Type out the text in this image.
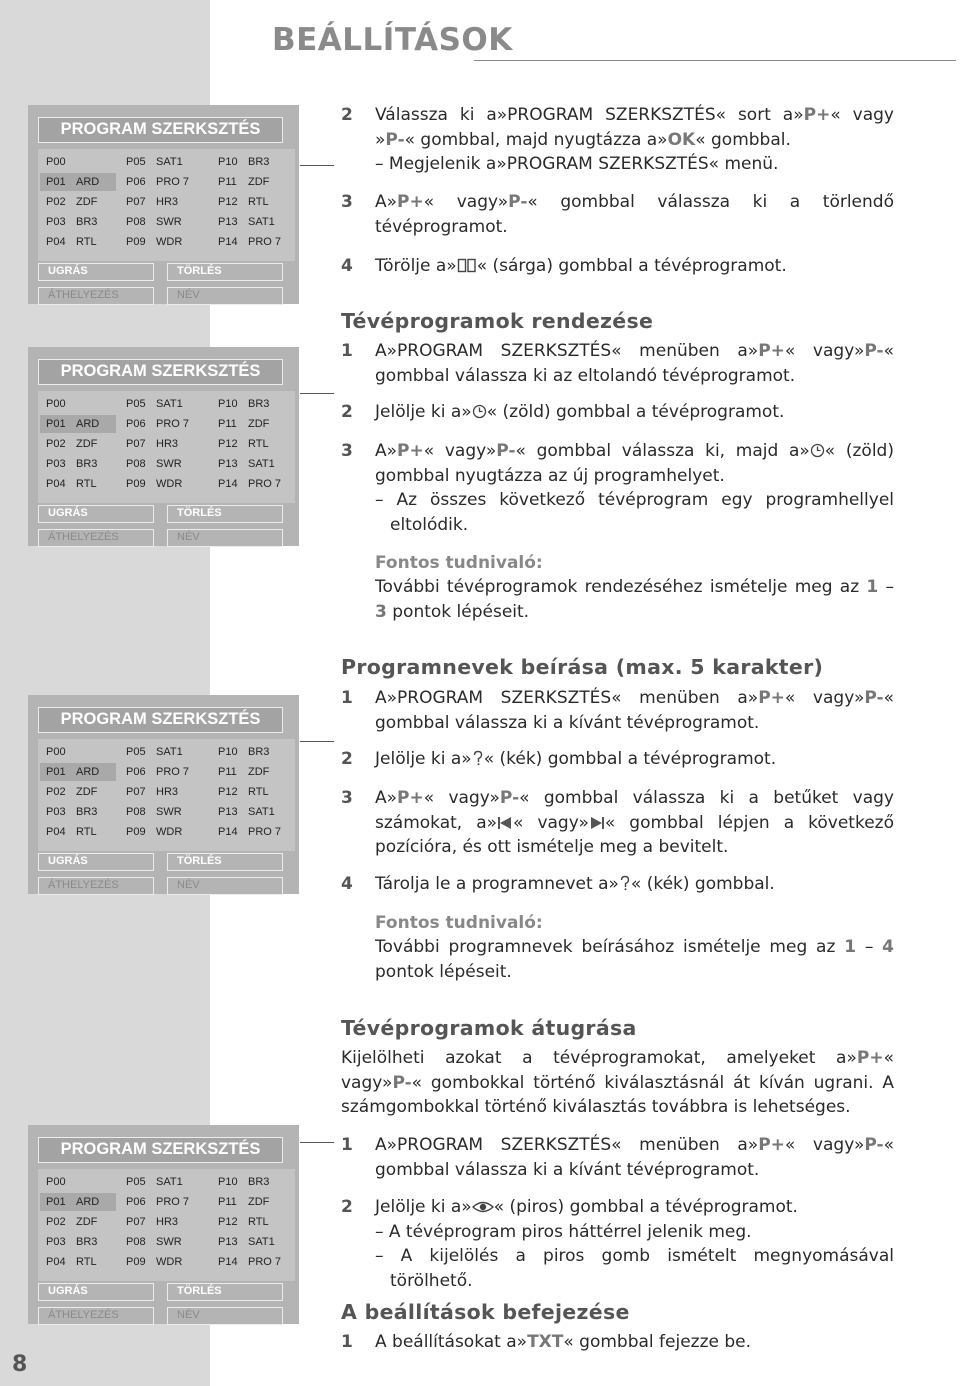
BEÁLLÍTÁSOK
PROGRAM SZERKSZTÉS
P00	P05 SAT1	P10 BR3
P01 ARD P06 PRO 7	P11 ZDF
P02 ZDF	P07 HR3	P12 RTL
P03 BR3	P08 SWR	P13 SAT1
P04 RTL	P09 WDR	P14 PRO 7
UGRÁS	TÖRLÉS
ÁTHELYEZÉS	NÉV
PROGRAM SZERKSZTÉS
P00	P05 SAT1	P10 BR3
P01 ARD P06 PRO 7	P11 ZDF
P02 ZDF	P07 HR3	P12 RTL
P03 BR3	P08 SWR	P13 SAT1
P04 RTL	P09 WDR	P14 PRO 7
UGRÁS	TÖRLÉS
ÁTHELYEZÉS	NÉV
PROGRAM SZERKSZTÉS
P00	P05 SAT1	P10 BR3
P01 ARD P06 PRO 7	P11 ZDF
P02 ZDF	P07 HR3	P12 RTL
P03 BR3	P08 SWR	P13 SAT1
P04 RTL	P09 WDR	P14 PRO 7
UGRÁS	TÖRLÉS
ÁTHELYEZÉS	NÉV
PROGRAM SZERKSZTÉS
P00	P05 SAT1	P10 BR3
P01 ARD P06 PRO 7	P11 ZDF
P02 ZDF	P07 HR3	P12 RTL
P03 BR3	P08 SWR	P13 SAT1
P04 RTL	P09 WDR	P14 PRO 7
UGRÁS	TÖRLÉS
ÁTHELYEZÉS	NÉV
8
2	Válassza ki a»PROGRAM SZERKSZTÉS« sort a»P+« vagy »P-« gombbal, majd nyugtázza a»OK« gombbal.
– Megjelenik a»PROGRAM SZERKSZTÉS« menü.
3	A»P+« vagy»P-« gombbal válassza ki a törlendő tévéprogramot.
4	Törölje a» « (sárga) gombbal a tévéprogramot.
Tévéprogramok rendezése
1	A»PROGRAM SZERKSZTÉS« menüben a»P+« vagy»P-« gombbal válassza ki az eltolandó tévéprogramot.
2	Jelölje ki a» « (zöld) gombbal a tévéprogramot.
3	A»P+« vagy»P-« gombbal válassza ki, majd a» « (zöld) gombbal nyugtázza az új programhelyet.
– Az összes következő tévéprogram egy programhellyel eltolódik.
Fontos tudnivaló:
További tévéprogramok rendezéséhez ismételje meg az 1 – 3 pontok lépéseit.
Programnevek beírása (max. 5 karakter)
1	A»PROGRAM SZERKSZTÉS« menüben a»P+« vagy»P-« gombbal válassza ki a kívánt tévéprogramot.
2	Jelölje ki a» « (kék) gombbal a tévéprogramot.
3	A»P+« vagy»P-« gombbal válassza ki a betűket vagy számokat, a» « vagy» « gombbal lépjen a következő pozícióra, és ott ismételje meg a bevitelt.
4	Tárolja le a programnevet a» « (kék) gombbal.
Fontos tudnivaló:
További programnevek beírásához ismételje meg az 1 – 4 pontok lépéseit.
Tévéprogramok átugrása
Kijelölheti azokat a tévéprogramokat, amelyeket a»P+« vagy»P-« gombokkal történő kiválasztásnál át kíván ugrani. A számgombokkal történő kiválasztás továbbra is lehetséges.
1	A»PROGRAM SZERKSZTÉS« menüben a»P+« vagy»P-« gombbal válassza ki a kívánt tévéprogramot.
2	Jelölje ki a» « (piros) gombbal a tévéprogramot.
– A tévéprogram piros háttérrel jelenik meg.
– A kijelölés a piros gomb ismételt megnyomásával törölhető.
A beállítások befejezése
1	A beállításokat a»TXT« gombbal fejezze be.
